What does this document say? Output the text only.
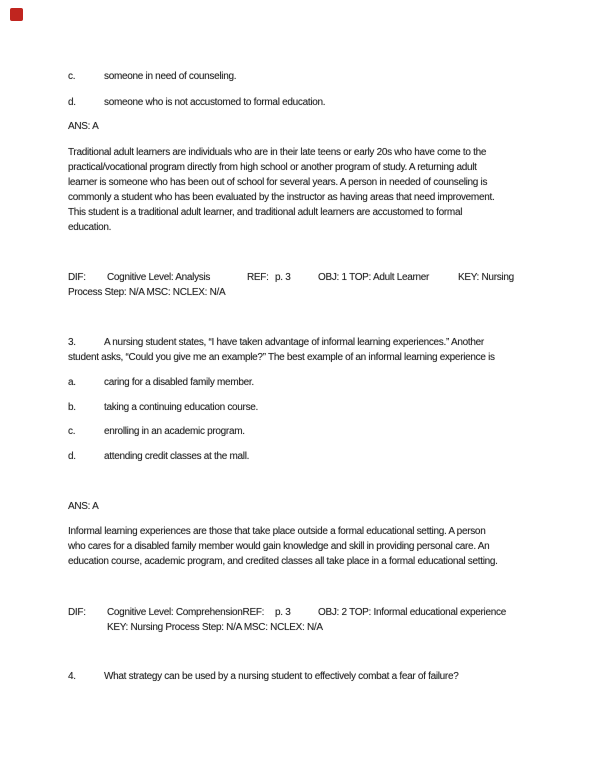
c.	someone in need of counseling.
d.	someone who is not accustomed to formal education.
ANS: A
Traditional adult learners are individuals who are in their late teens or early 20s who have come to the
practical/vocational program directly from high school or another program of study. A returning adult
learner is someone who has been out of school for several years. A person in needed of counseling is
commonly a student who has been evaluated by the instructor as having areas that need improvement.
This student is a traditional adult learner, and traditional adult learners are accustomed to formal
education.
DIF: Cognitive Level: Analysis	REF: p. 3	OBJ: 1 TOP: Adult Learner	KEY: Nursing
Process Step: N/A MSC: NCLEX: N/A
3.	A nursing student states, “I have taken advantage of informal learning experiences.” Another
student asks, “Could you give me an example?” The best example of an informal learning experience is
a.	caring for a disabled family member.
b.	taking a continuing education course.
c.	enrolling in an academic program.
d.	attending credit classes at the mall.
ANS: A
Informal learning experiences are those that take place outside a formal educational setting. A person
who cares for a disabled family member would gain knowledge and skill in providing personal care. An
education course, academic program, and credited classes all take place in a formal educational setting.
DIF: Cognitive Level: ComprehensionREF: p. 3	OBJ: 2 TOP: Informal educational experience
KEY: Nursing Process Step: N/A MSC: NCLEX: N/A
4.	What strategy can be used by a nursing student to effectively combat a fear of failure?
